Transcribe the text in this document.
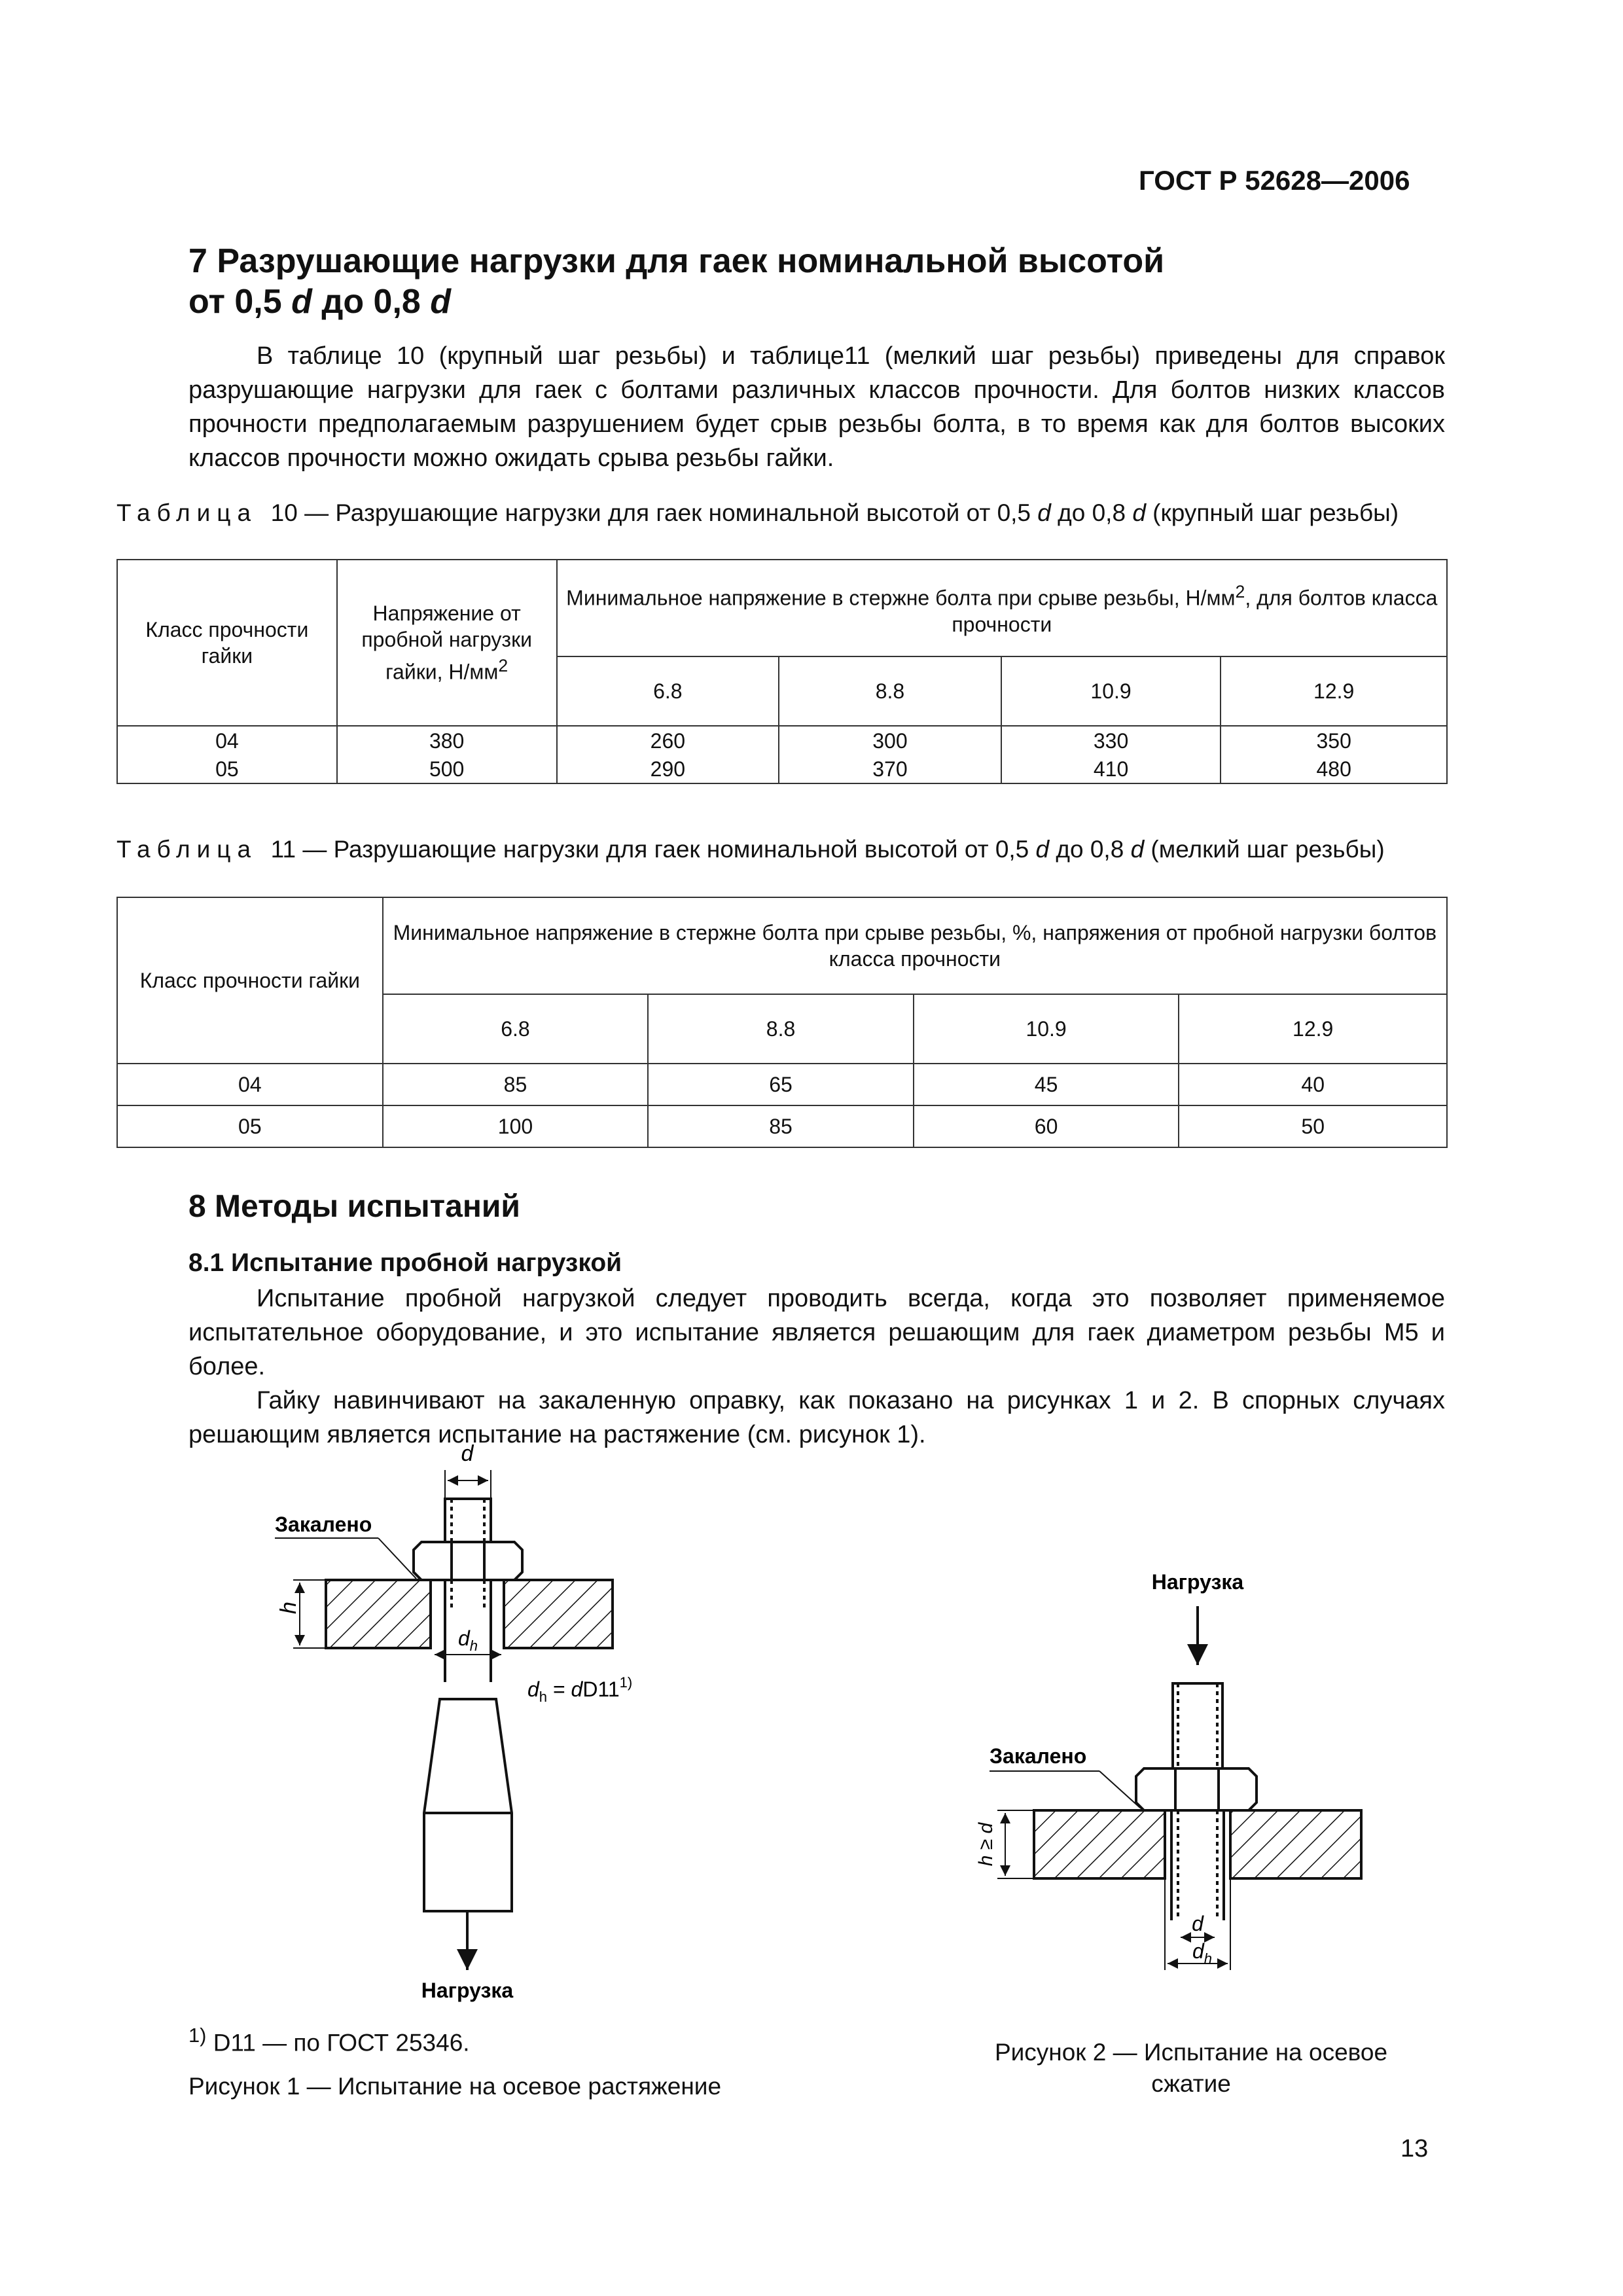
ГОСТ Р 52628—2006
7 Разрушающие нагрузки для гаек номинальной высотой
от 0,5 d до 0,8 d

В таблице 10 (крупный шаг резьбы) и таблице11 (мелкий шаг резьбы) приведены для справок разрушающие нагрузки для гаек с болтами различных классов прочности. Для болтов низких классов прочности предполагаемым разрушением будет срыв резьбы болта, в то время как для болтов высоких классов прочности можно ожидать срыва резьбы гайки.

Таблица 10 — Разрушающие нагрузки для гаек номинальной высотой от 0,5 d до 0,8 d (крупный шаг резьбы)
Класс прочности гайки	Напряжение от пробной нагрузки гайки, $Н/мм^2$	Минимальное напряжение в стержне болта при срыве резьбы, $Н/мм^2$, для болтов класса прочности			
		6.8	8.8	10.9	12.9
04	380	260	300	330	350
05	500	290	370	410	480
Таблица 11 — Разрушающие нагрузки для гаек номинальной высотой от 0,5 d до 0,8 d (мелкий шаг резьбы)
Класс прочности гайки	Минимальное напряжение в стержне болта при срыве резьбы, %, напряжения от пробной нагрузки болтов класса прочности			
	6.8	8.8	10.9	12.9
04	85	65	45	40
05	100	85	60	50
8 Методы испытаний
8.1 Испытание пробной нагрузкой

Испытание пробной нагрузкой следует проводить всегда, когда это позволяет применяемое испытательное оборудование, и это испытание является решающим для гаек диаметром резьбы М5 и более.

Гайку навинчивают на закаленную оправку, как показано на рисунках 1 и 2. В спорных случаях решающим является испытание на растяжение (см. рисунок 1).

d
Закалено
h
$d_h$
$d_h = dD11^{1)}$
Нагрузка
Нагрузка
Закалено
h ≥ d
d
$d_h$
$^{1)}$ D11 — по ГОСТ 25346.
Рисунок 1 — Испытание на осевое растяжение
Рисунок 2 — Испытание на осевое
сжатие
13
